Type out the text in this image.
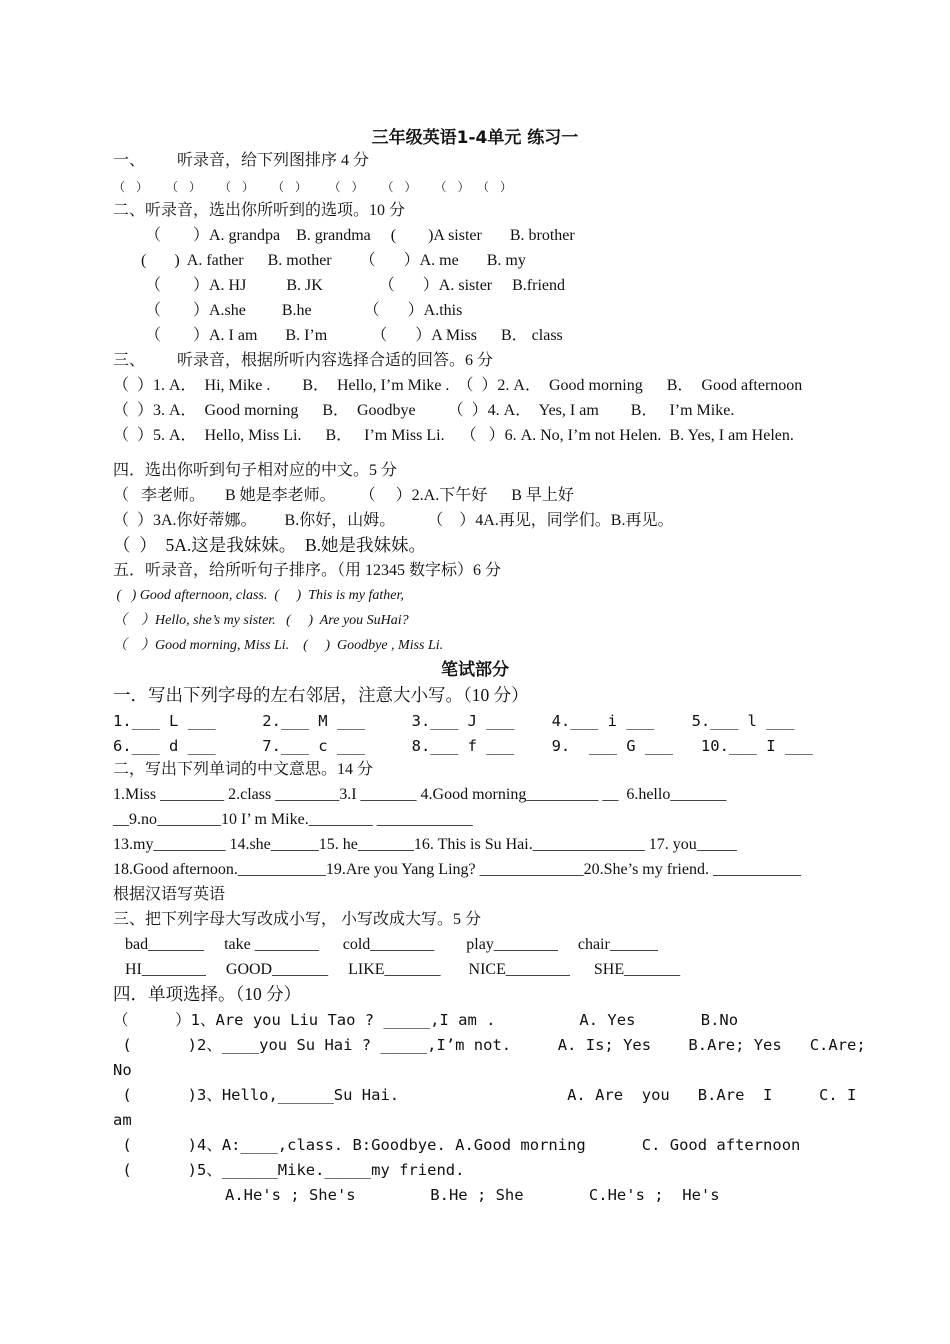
三年级英语1-4单元 练习一
一、        听录音，给下列图排序 4 分
（   ）     （   ）     （   ）     （   ）      （   ）     （   ）     （   ）  （   ）
二、听录音，选出你所听到的选项。10 分
（        ）A. grandpa    B. grandma     (        )A sister       B. brother
(       )  A. father      B. mother       （       ）A. me       B. my
（        ）A. HJ          B. JK              （       ）A. sister     B.friend
（        ）A.she         B.he             （       ）A.this
（        ）A. I am       B. I’m           （       ）A Miss      B． class
三、        听录音，根据所听内容选择合适的回答。6 分
（  ）1. A．  Hi, Mike .        B．  Hello, I’m Mike .  （  ）2. A．  Good morning      B．  Good afternoon
（  ）3. A．  Good morning      B．  Goodbye        （  ）4. A．  Yes, I am        B．   I’m Mike.
（  ）5. A．  Hello, Miss Li.      B．   I’m Miss Li.    （   ）6. A. No, I’m not Helen.  B. Yes, I am Helen.
四．选出你听到句子相对应的中文。5 分
（   李老师。     B 她是李老师。      （     ）2.A.下午好      B 早上好
（  ）3A.你好蒂娜。       B.你好，山姆。        （    ）4A.再见，同学们。B.再见。
（  ）  5A.这是我妹妹。  B.她是我妹妹。
五．听录音，给所听句子排序。（用 12345 数字标）6 分
(   ) Good afternoon, class.  (     )  This is my father,
（    ）Hello, she’s my sister.   (     )  Are you SuHai?
（    ）Good morning, Miss Li.    (     )  Goodbye , Miss Li.
笔试部分
一．写出下列字母的左右邻居，注意大小写。（10 分）
1.___ L ___     2.___ M ___     3.___ J ___    4.___ i ___    5.___ l ___
6.___ d ___     7.___ c ___     8.___ f ___    9.  ___ G ___   10.___ I ___
二，写出下列单词的中文意思。14 分
1.Miss ________ 2.class ________3.I _______ 4.Good morning_________ __  6.hello_______
__9.no________10 I’ m Mike.________ ____________
13.my_________ 14.she______15. he_______16. This is Su Hai.______________ 17. you_____
18.Good afternoon.___________19.Are you Yang Ling? _____________20.She’s my friend. ___________
根据汉语写英语
三、把下列字母大写改成小写， 小写改成大写。5 分
bad_______     take ________      cold________        play________     chair______
HI________     GOOD_______     LIKE_______       NICE________      SHE_______
四．单项选择。（10 分）
（     ）1、Are you Liu Tao ? _____,I am .         A. Yes       B.No
(      )2、____you Su Hai ? _____,I’m not.     A. Is; Yes    B.Are; Yes   C.Are;
No
(      )3、Hello,______Su Hai.                  A. Are  you   B.Are  I     C. I
am
(      )4、A:____,class. B:Goodbye. A.Good morning      C. Good afternoon
(      )5、______Mike._____my friend.
A.He's ; She's        B.He ; She       C.He's ;  He's
